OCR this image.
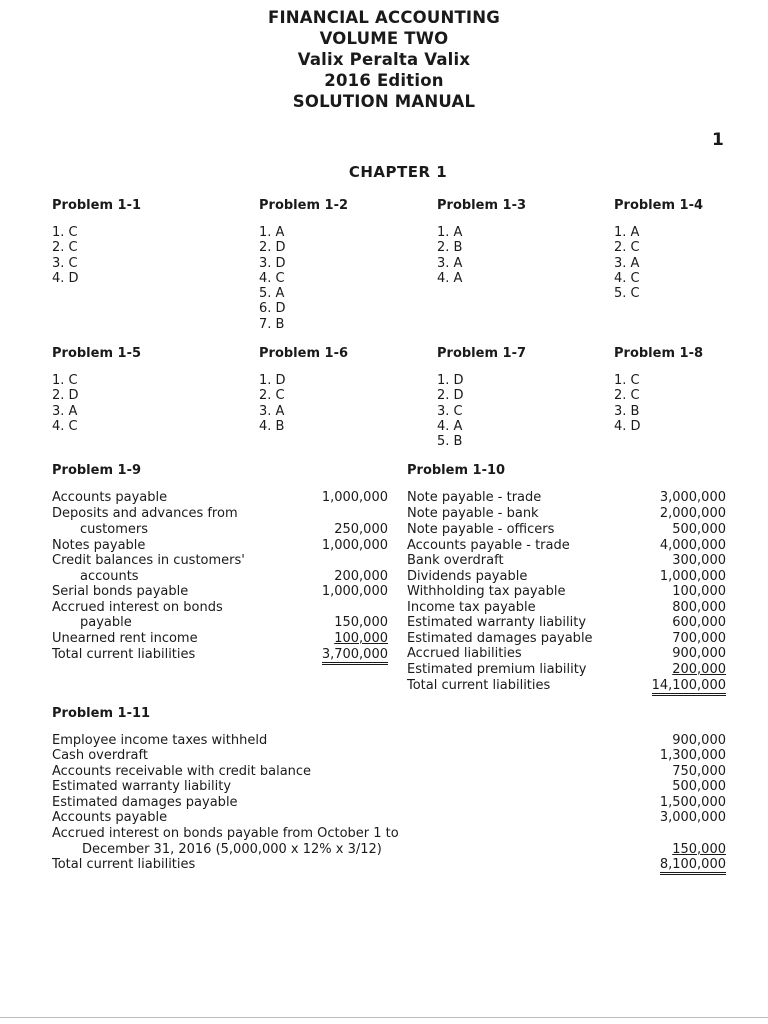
FINANCIAL ACCOUNTING
VOLUME TWO
Valix Peralta Valix
2016 Edition
SOLUTION MANUAL
1
CHAPTER 1
Problem 1-1
1. C
2. C
3. C
4. D
Problem 1-2
1. A
2. D
3. D
4. C
5. A
6. D
7. B
Problem 1-3
1. A
2. B
3. A
4. A
Problem 1-4
1. A
2. C
3. A
4. C
5. C
Problem 1-5
1. C
2. D
3. A
4. C
Problem 1-6
1. D
2. C
3. A
4. B
Problem 1-7
1. D
2. D
3. C
4. A
5. B
Problem 1-8
1. C
2. C
3. B
4. D
Problem 1-9
Accounts payable	1,000,000
Deposits and advances from
customers	250,000
Notes payable	1,000,000
Credit balances in customers'
accounts	200,000
Serial bonds payable	1,000,000
Accrued interest on bonds
payable	150,000
Unearned rent income	100,000
Total current liabilities	3,700,000
Problem 1-10
Note payable - trade	3,000,000
Note payable - bank	2,000,000
Note payable - officers	500,000
Accounts payable - trade	4,000,000
Bank overdraft	300,000
Dividends payable	1,000,000
Withholding tax payable	100,000
Income tax payable	800,000
Estimated warranty liability	600,000
Estimated damages payable	700,000
Accrued liabilities	900,000
Estimated premium liability	200,000
Total current liabilities	14,100,000
Problem 1-11
Employee income taxes withheld	900,000
Cash overdraft	1,300,000
Accounts receivable with credit balance	750,000
Estimated warranty liability	500,000
Estimated damages payable	1,500,000
Accounts payable	3,000,000
Accrued interest on bonds payable from October 1 to
December 31, 2016 (5,000,000 x 12% x 3/12)	150,000
Total current liabilities	8,100,000
